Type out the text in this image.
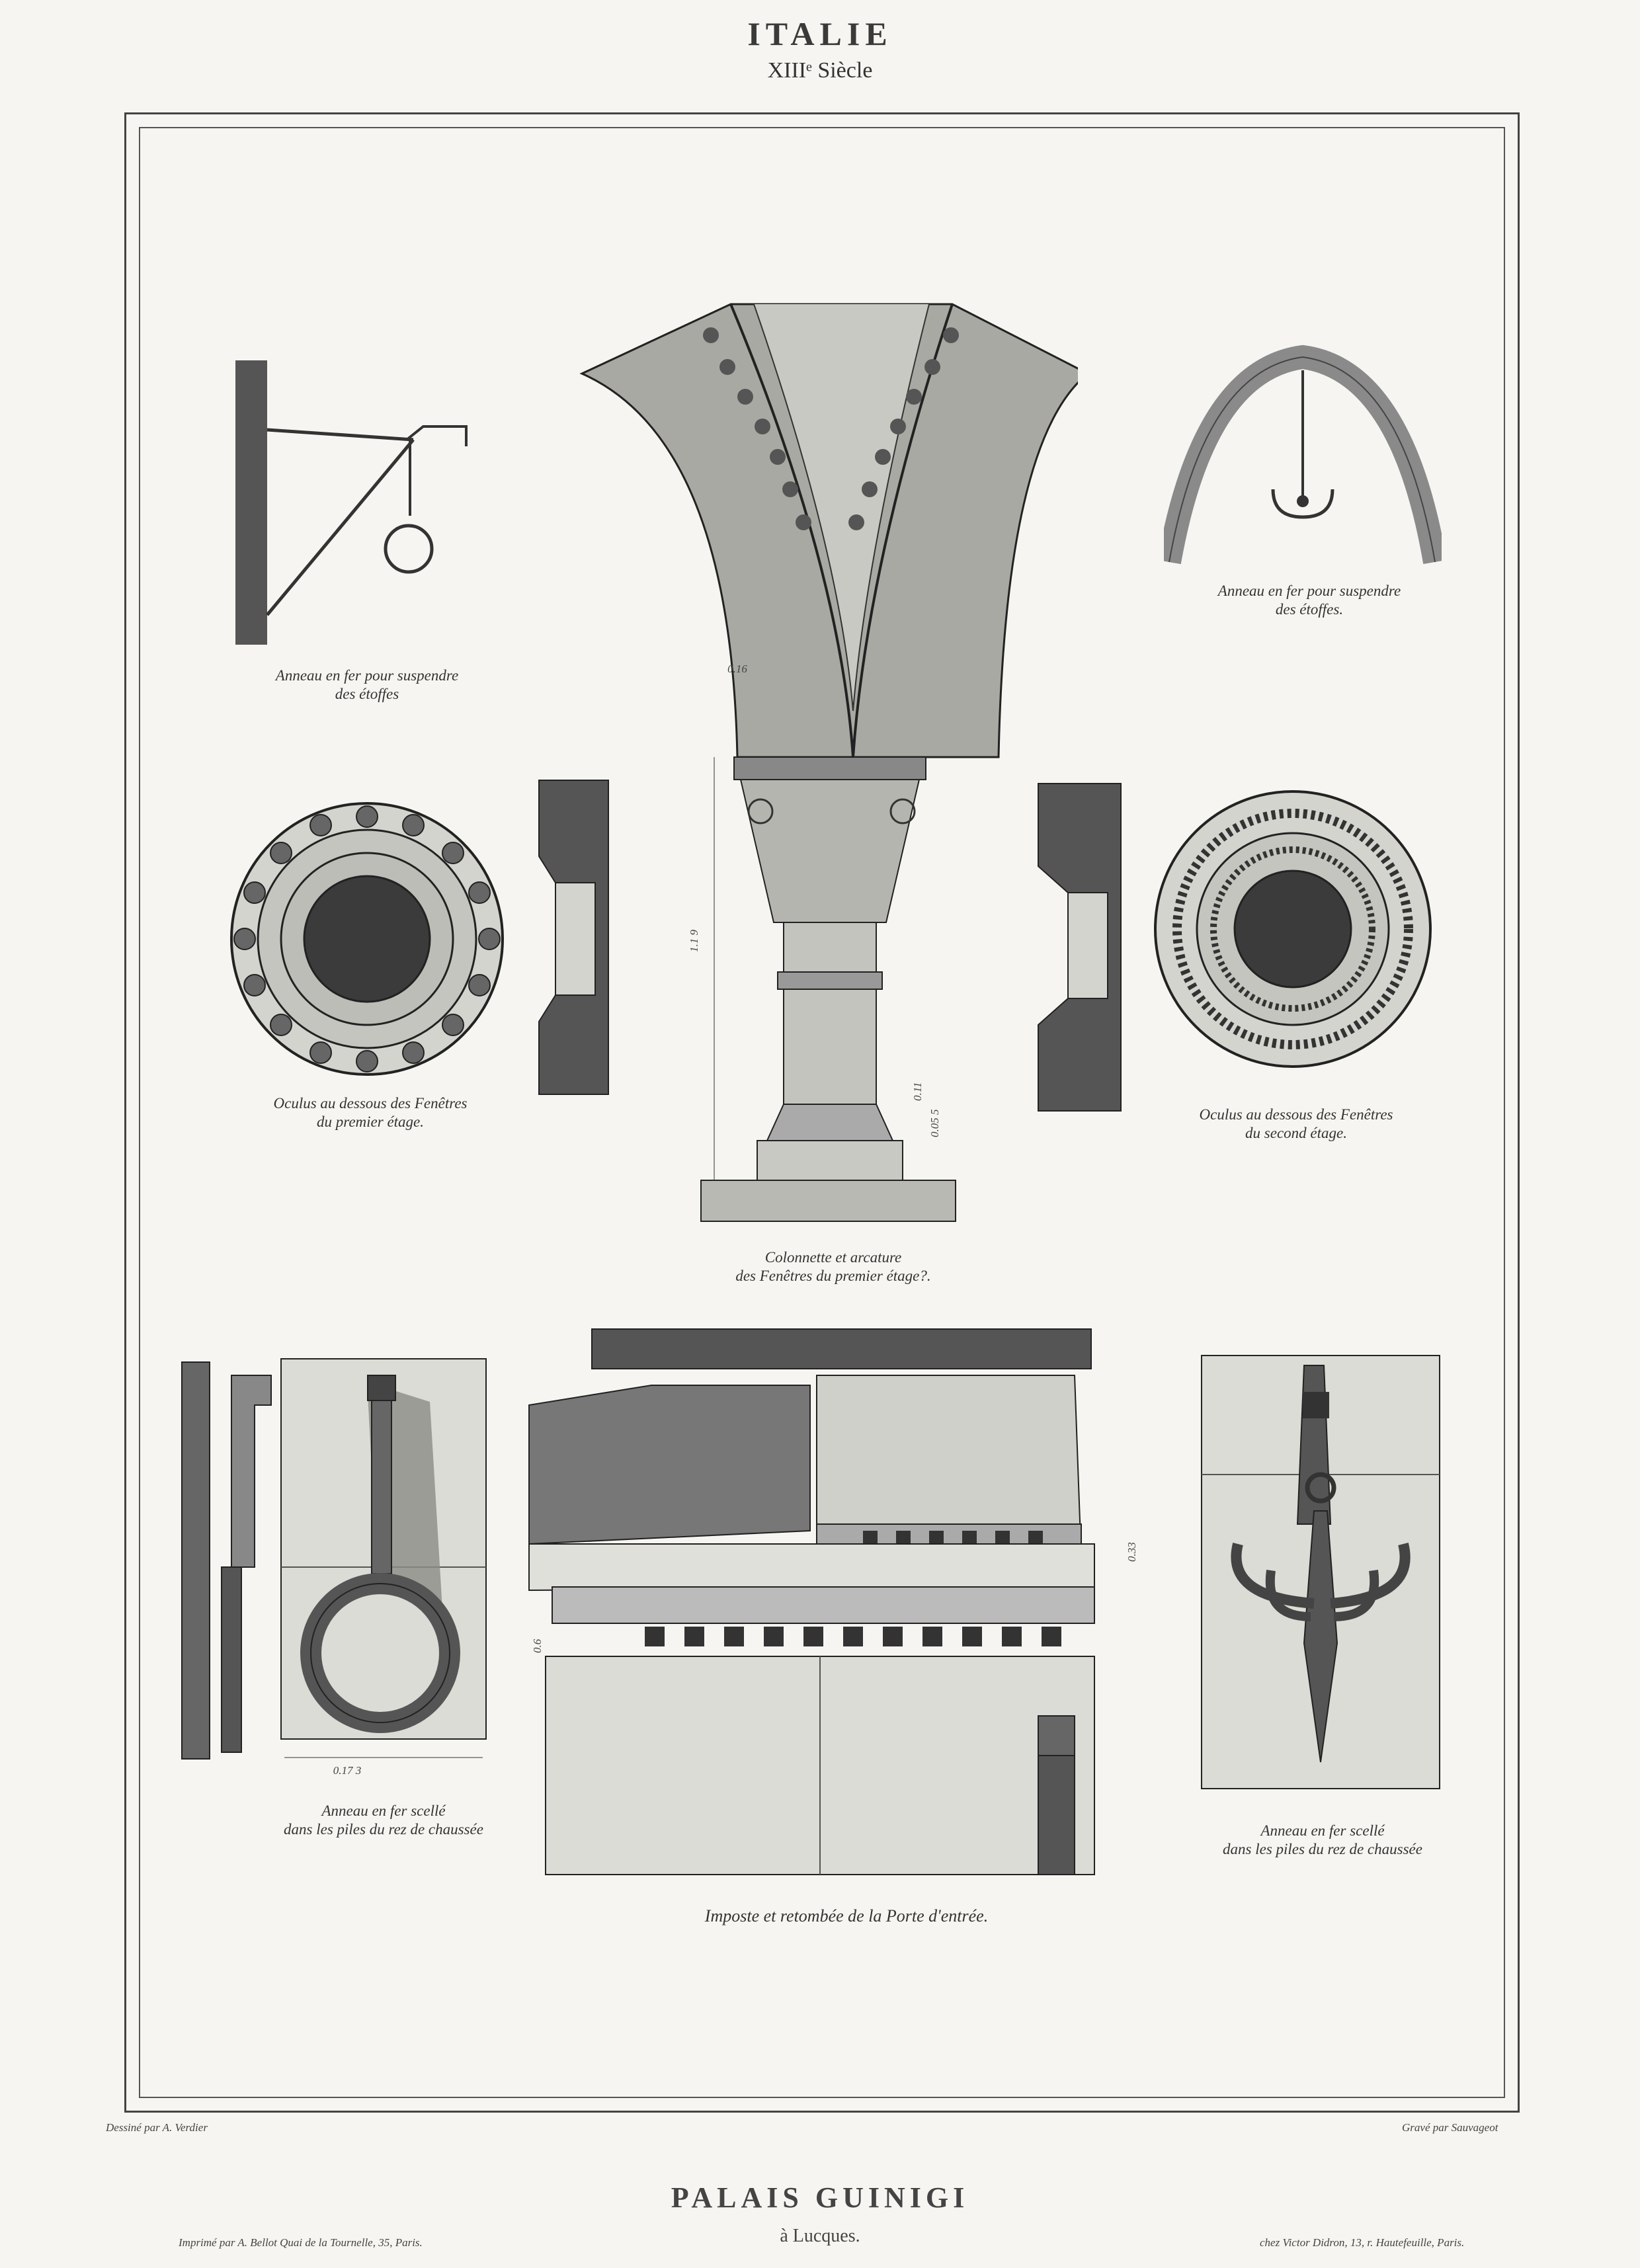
ITALIE
XIIIᵉ Siècle
0.16
1.1 9
0.11
0.05 5
0.17 3
0.33
0.6
Anneau en fer pour suspendre
des étoffes
Anneau en fer pour suspendre
des étoffes.
Oculus au dessous des Fenêtres
du premier étage.	Oculus au dessous des Fenêtres
du second étage.
Colonnette et arcature
des Fenêtres du premier étage?.
Anneau en fer scellé
dans les piles du rez de chaussée	Anneau en fer scellé
dans les piles du rez de chaussée
Imposte et retombée de la Porte d'entrée.
Dessiné par A. Verdier	Gravé par Sauvageot
Imprimé par A. Bellot Quai de la Tournelle, 35, Paris.	chez Victor Didron, 13, r. Hautefeuille, Paris.
PALAIS GUINIGI
à Lucques.
